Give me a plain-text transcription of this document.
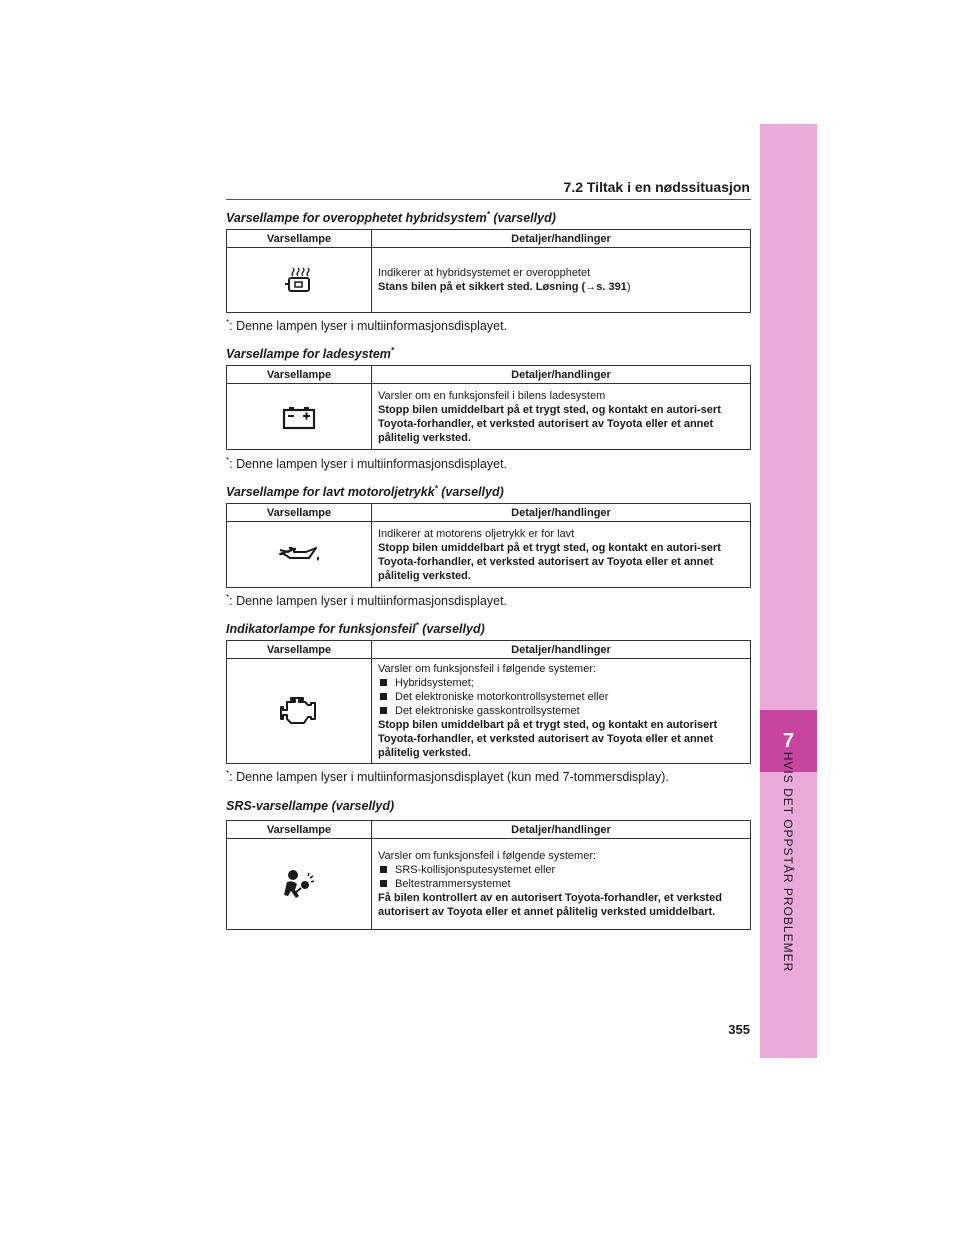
7
HVIS DET OPPSTÅR PROBLEMER
7.2 Tiltak i en nødssituasjon
Varsellampe for overopphetet hybridsystem* (varsellyd)
Varsellampe	Detaljer/handlinger

Indikerer at hybridsystemet er overopphetet
Stans bilen på et sikkert sted. Løsning (→s. 391)
*: Denne lampen lyser i multiinformasjonsdisplayet.
Varsellampe for ladesystem*
Varsellampe	Detaljer/handlinger

Varsler om en funksjonsfeil i bilens ladesystem
Stopp bilen umiddelbart på et trygt sted, og kontakt en autori-sert Toyota-forhandler, et verksted autorisert av Toyota eller et annet pålitelig verksted.
*: Denne lampen lyser i multiinformasjonsdisplayet.
Varsellampe for lavt motoroljetrykk* (varsellyd)
Varsellampe	Detaljer/handlinger

Indikerer at motorens oljetrykk er for lavt
Stopp bilen umiddelbart på et trygt sted, og kontakt en autori-sert Toyota-forhandler, et verksted autorisert av Toyota eller et annet pålitelig verksted.
*: Denne lampen lyser i multiinformasjonsdisplayet.
Indikatorlampe for funksjonsfeil* (varsellyd)
Varsellampe	Detaljer/handlinger

Varsler om funksjonsfeil i følgende systemer:
Hybridsystemet;
Det elektroniske motorkontrollsystemet eller
Det elektroniske gasskontrollsystemet
Stopp bilen umiddelbart på et trygt sted, og kontakt en autorisert Toyota-forhandler, et verksted autorisert av Toyota eller et annet pålitelig verksted.
*: Denne lampen lyser i multiinformasjonsdisplayet (kun med 7-tommersdisplay).
SRS-varsellampe (varsellyd)
Varsellampe	Detaljer/handlinger

Varsler om funksjonsfeil i følgende systemer:
SRS-kollisjonsputesystemet eller
Beltestrammersystemet
Få bilen kontrollert av en autorisert Toyota-forhandler, et verksted autorisert av Toyota eller et annet pålitelig verksted umiddelbart.
355
